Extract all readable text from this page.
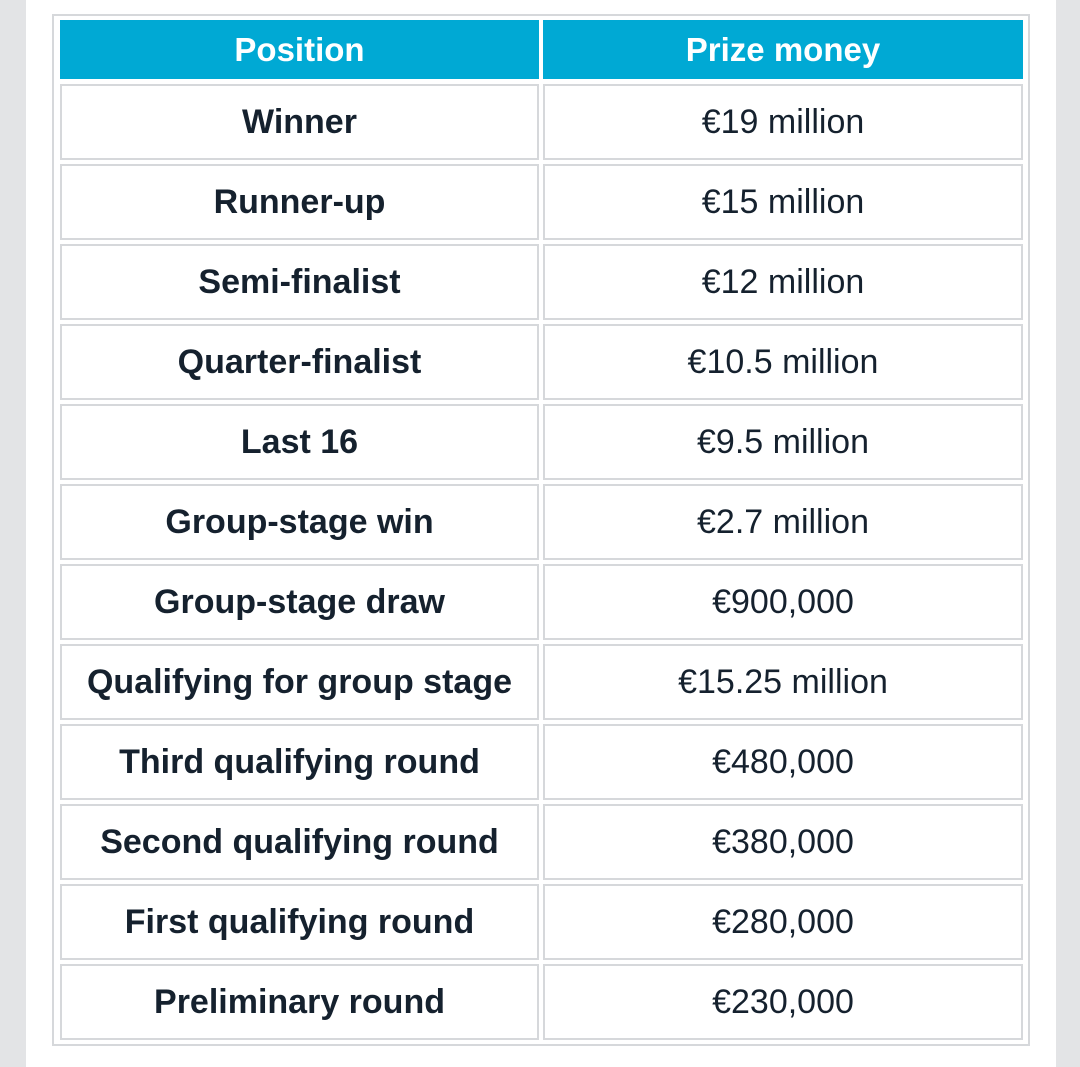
Position	Prize money
Winner	€19 million
Runner-up	€15 million
Semi-finalist	€12 million
Quarter-finalist	€10.5 million
Last 16	€9.5 million
Group-stage win	€2.7 million
Group-stage draw	€900,000
Qualifying for group stage	€15.25 million
Third qualifying round	€480,000
Second qualifying round	€380,000
First qualifying round	€280,000
Preliminary round	€230,000
